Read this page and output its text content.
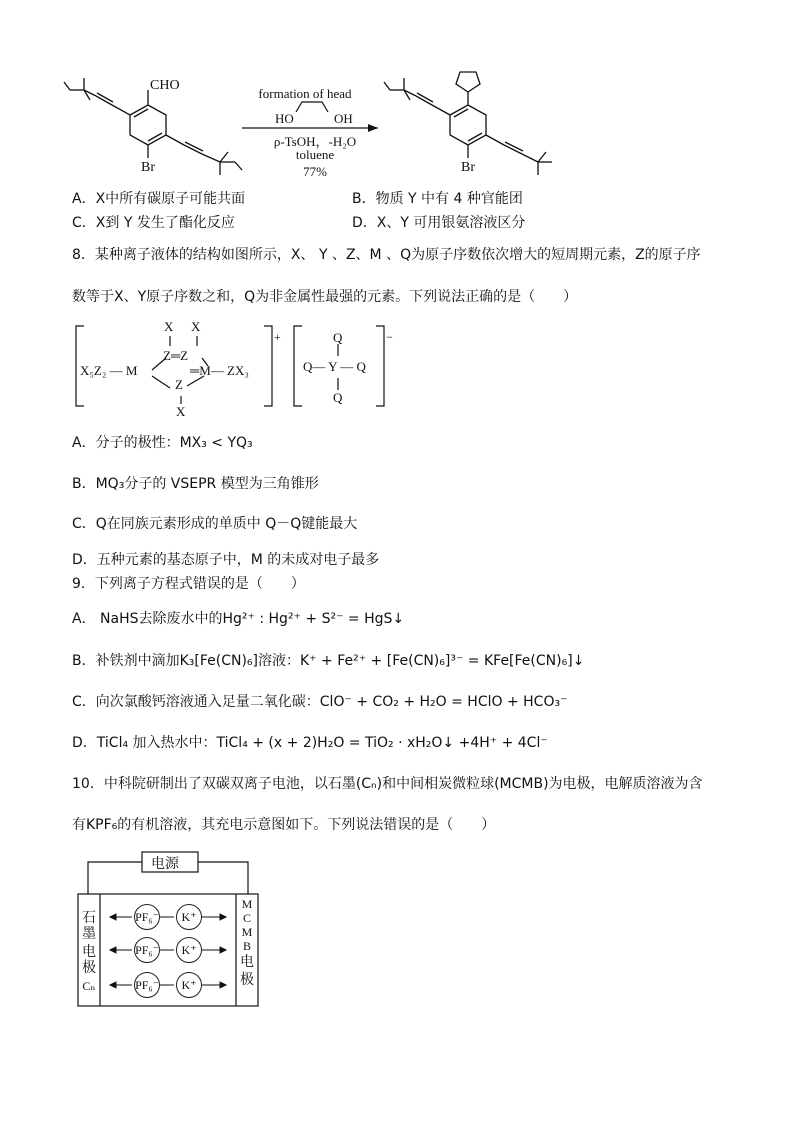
CHO
Br	Br
formation of head
HO	OH
ρ-TsOH，-H₂O
toluene
77%
A．X中所有碳原子可能共面	B．物质 Y 中有 4 种官能团
C．X到 Y 发生了酯化反应	D．X、Y 可用银氨溶液区分
8．某种离子液体的结构如图所示，X、 Y 、Z、M 、Q为原子序数依次增大的短周期元素，Z的原子序
数等于X、Y原子序数之和，Q为非金属性最强的元素。下列说法正确的是（　　）
X X
Z═Z
X₅Z₂ — M
Z
═M— ZX₃
X
+	Q
Q— Y — Q
Q
−
A．分子的极性：MX₃ < YQ₃
B．MQ₃分子的 VSEPR 模型为三角锥形
C．Q在同族元素形成的单质中 Q－Q键能最大
D．五种元素的基态原子中，M 的未成对电子最多
9．下列离子方程式错误的是（　　）
A． NaHS去除废水中的Hg²⁺ : Hg²⁺ + S²⁻ = HgS↓
B．补铁剂中滴加K₃[Fe(CN)₆]溶液：K⁺ + Fe²⁺ + [Fe(CN)₆]³⁻ = KFe[Fe(CN)₆]↓
C．向次氯酸钙溶液通入足量二氧化碳：ClO⁻ + CO₂ + H₂O = HClO + HCO₃⁻
D．TiCl₄ 加入热水中：TiCl₄ + (x + 2)H₂O = TiO₂ · xH₂O↓ +4H⁺ + 4Cl⁻
10．中科院研制出了双碳双离子电池，以石墨(Cₙ)和中间相炭微粒球(MCMB)为电极，电解质溶液为含
有KPF₆的有机溶液，其充电示意图如下。下列说法错误的是（　　）
电源
石
墨
电
极
Cₙ
M
C
M
B
电
极
PF₆⁻
PF₆⁻
PF₆⁻
K⁺
K⁺
K⁺
